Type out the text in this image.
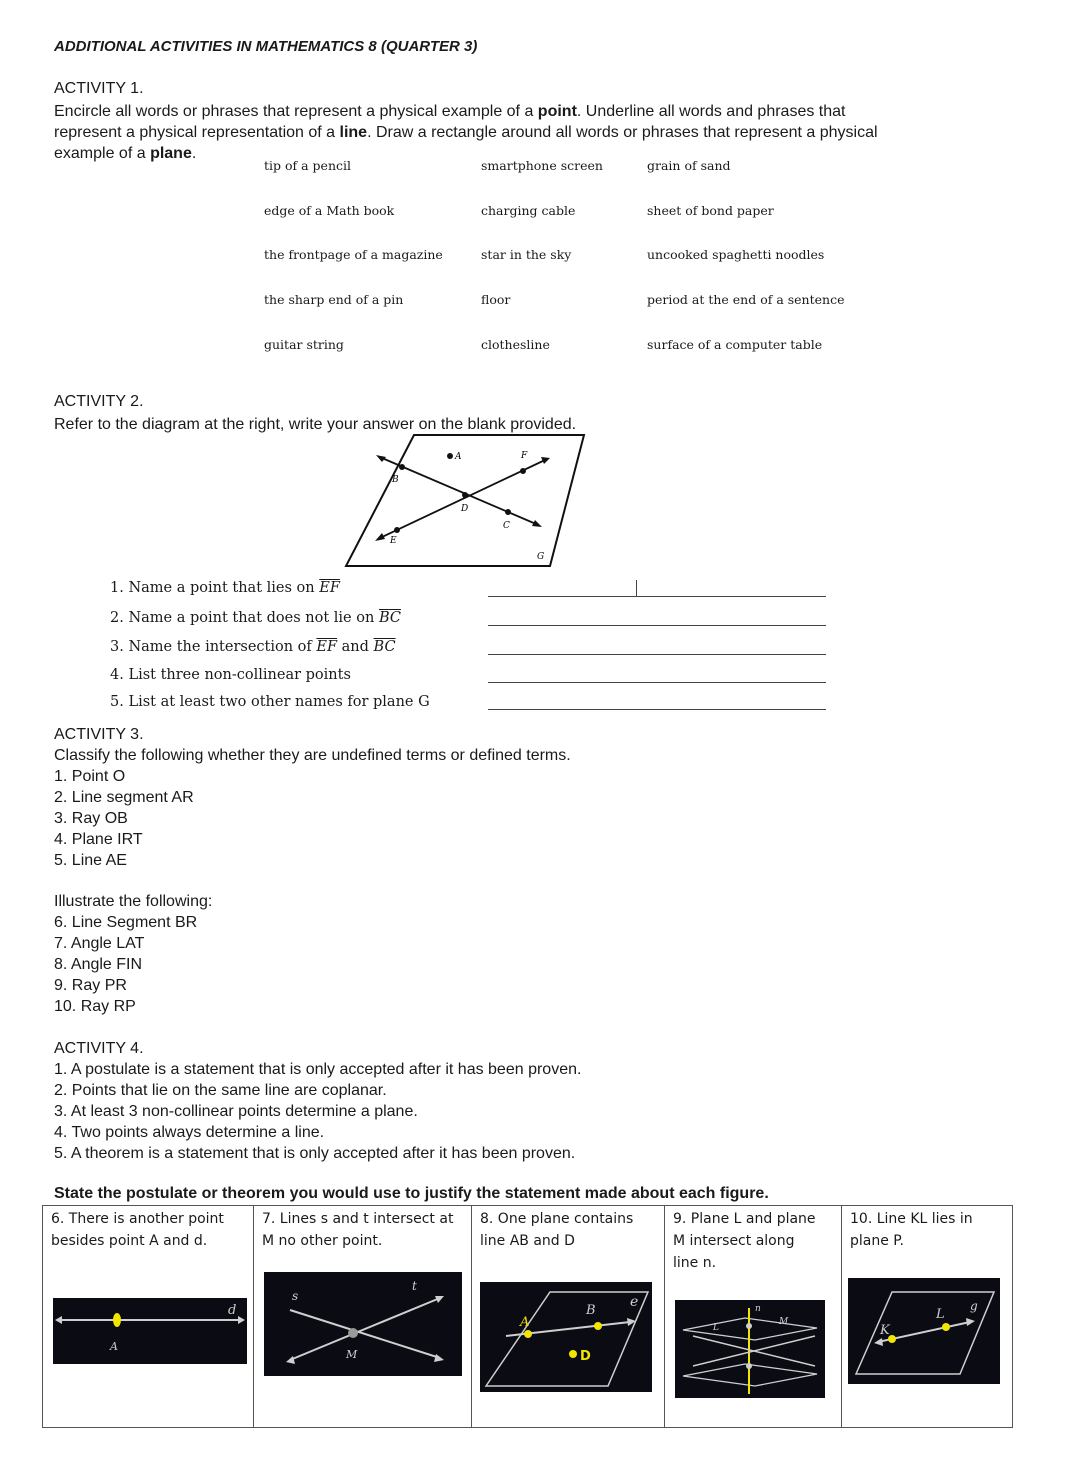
ADDITIONAL ACTIVITIES IN MATHEMATICS 8 (QUARTER 3)
ACTIVITY 1.
Encircle all words or phrases that represent a physical example of a point. Underline all words and phrases that
represent a physical representation of a line. Draw a rectangle around all words or phrases that represent a physical
example of a plane.
tip of a pencil	smartphone screen	grain of sand
edge of a Math book	charging cable	sheet of bond paper
the frontpage of a magazine	star in the sky	uncooked spaghetti noodles
the sharp end of a pin	floor	period at the end of a sentence
guitar string	clothesline	surface of a computer table
ACTIVITY 2.
Refer to the diagram at the right, write your answer on the blank provided.
A
B
D
C
E
F
G
1. Name a point that lies on $\overline{EF}$
2. Name a point that does not lie on $\overline{BC}$
3. Name the intersection of $\overline{EF}$ and $\overline{BC}$
4. List three non-collinear points
5. List at least two other names for plane G
ACTIVITY 3.
Classify the following whether they are undefined terms or defined terms.
1. Point O
2. Line segment AR
3. Ray OB
4. Plane IRT
5. Line AE
Illustrate the following:
6. Line Segment BR
7. Angle LAT
8. Angle FIN
9. Ray PR
10. Ray RP
ACTIVITY 4.
1. A postulate is a statement that is only accepted after it has been proven.
2. Points that lie on the same line are coplanar.
3. At least 3 non-collinear points determine a plane.
4. Two points always determine a line.
5. A theorem is a statement that is only accepted after it has been proven.
State the postulate or theorem you would use to justify the statement made about each figure.
6. There is another point
besides point A and d.
d
A
7. Lines s and t intersect at
M no other point.
s
t
M
8. One plane contains
line AB and D
A
B
e
D
9. Plane L and plane
M intersect along
line n.
n
L
M
10. Line KL lies in
plane P.
K
L
g
